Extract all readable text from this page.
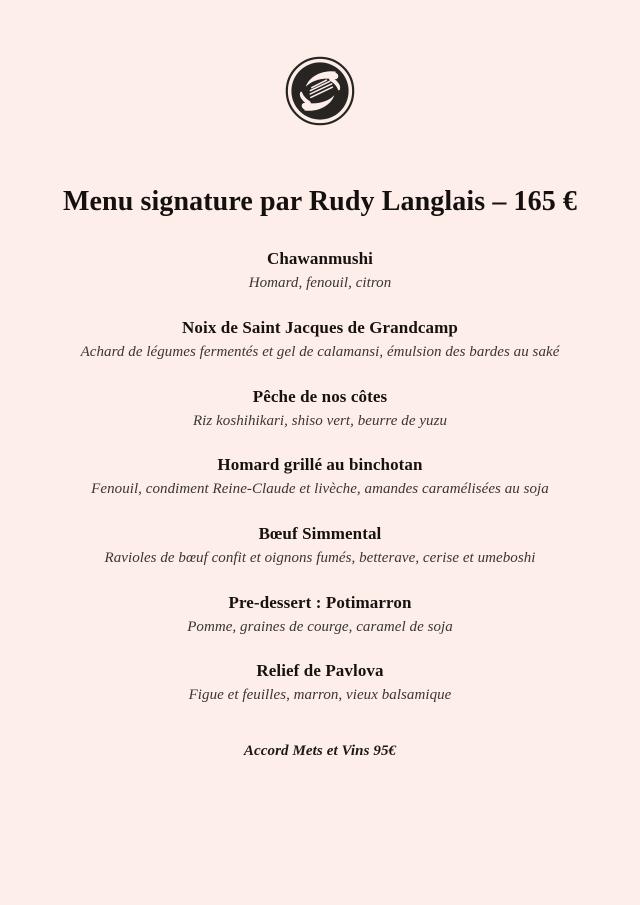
Menu signature par Rudy Langlais – 165 €
Chawanmushi
Homard, fenouil, citron
Noix de Saint Jacques de Grandcamp
Achard de légumes fermentés et gel de calamansi, émulsion des bardes au saké
Pêche de nos côtes
Riz koshihikari, shiso vert, beurre de yuzu
Homard grillé au binchotan
Fenouil, condiment Reine-Claude et livèche, amandes caramélisées au soja
Bœuf Simmental
Ravioles de bœuf confit et oignons fumés, betterave, cerise et umeboshi
Pre-dessert : Potimarron
Pomme, graines de courge, caramel de soja
Relief de Pavlova
Figue et feuilles, marron, vieux balsamique
Accord Mets et Vins 95€
